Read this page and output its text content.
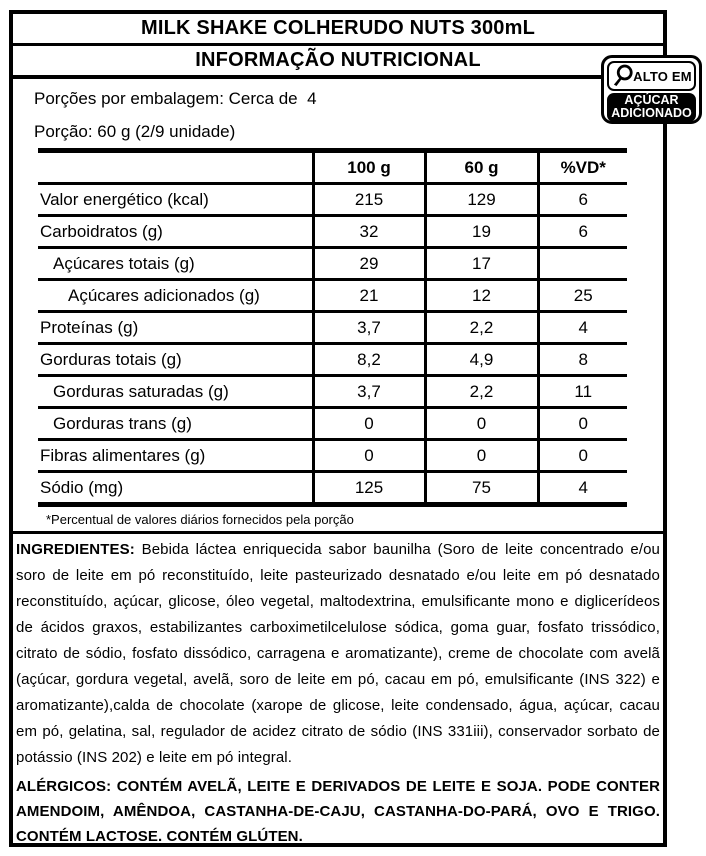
MILK SHAKE COLHERUDO NUTS 300mL
INFORMAÇÃO NUTRICIONAL

Porções por embalagem: Cerca de  4

Porção: 60 g (2/9 unidade)

	100 g	60 g	%VD*
Valor energético (kcal)	215	129	6
Carboidratos (g)	32	19	6
Açúcares totais (g)	29	17	
Açúcares adicionados (g)	21	12	25
Proteínas (g)	3,7	2,2	4
Gorduras totais (g)	8,2	4,9	8
Gorduras saturadas (g)	3,7	2,2	11
Gorduras trans (g)	0	0	0
Fibras alimentares (g)	0	0	0
Sódio (mg)	125	75	4
*Percentual de valores diários fornecidos pela porção

INGREDIENTES: Bebida láctea enriquecida sabor baunilha (Soro de leite concentrado e/ou soro de leite em pó reconstituído, leite pasteurizado desnatado e/ou leite em pó desnatado reconstituído, açúcar, glicose, óleo vegetal, maltodextrina, emulsificante mono e diglicerídeos de ácidos graxos, estabilizantes carboximetilcelulose sódica, goma guar, fosfato trissódico, citrato de sódio, fosfato dissódico, carragena e aromatizante), creme de chocolate com avelã (açúcar, gordura vegetal, avelã, soro de leite em pó, cacau em pó, emulsificante (INS 322) e aromatizante),calda de chocolate (xarope de glicose, leite condensado, água, açúcar, cacau em pó, gelatina, sal, regulador de acidez citrato de sódio (INS 331iii), conservador sorbato de potássio (INS 202) e leite em pó integral.

ALÉRGICOS: CONTÉM AVELÃ, LEITE E DERIVADOS DE LEITE E SOJA. PODE CONTER AMENDOIM, AMÊNDOA, CASTANHA-DE-CAJU, CASTANHA-DO-PARÁ, OVO E TRIGO. CONTÉM LACTOSE. CONTÉM GLÚTEN.

ALTO EM
AÇÚCAR
ADICIONADO
